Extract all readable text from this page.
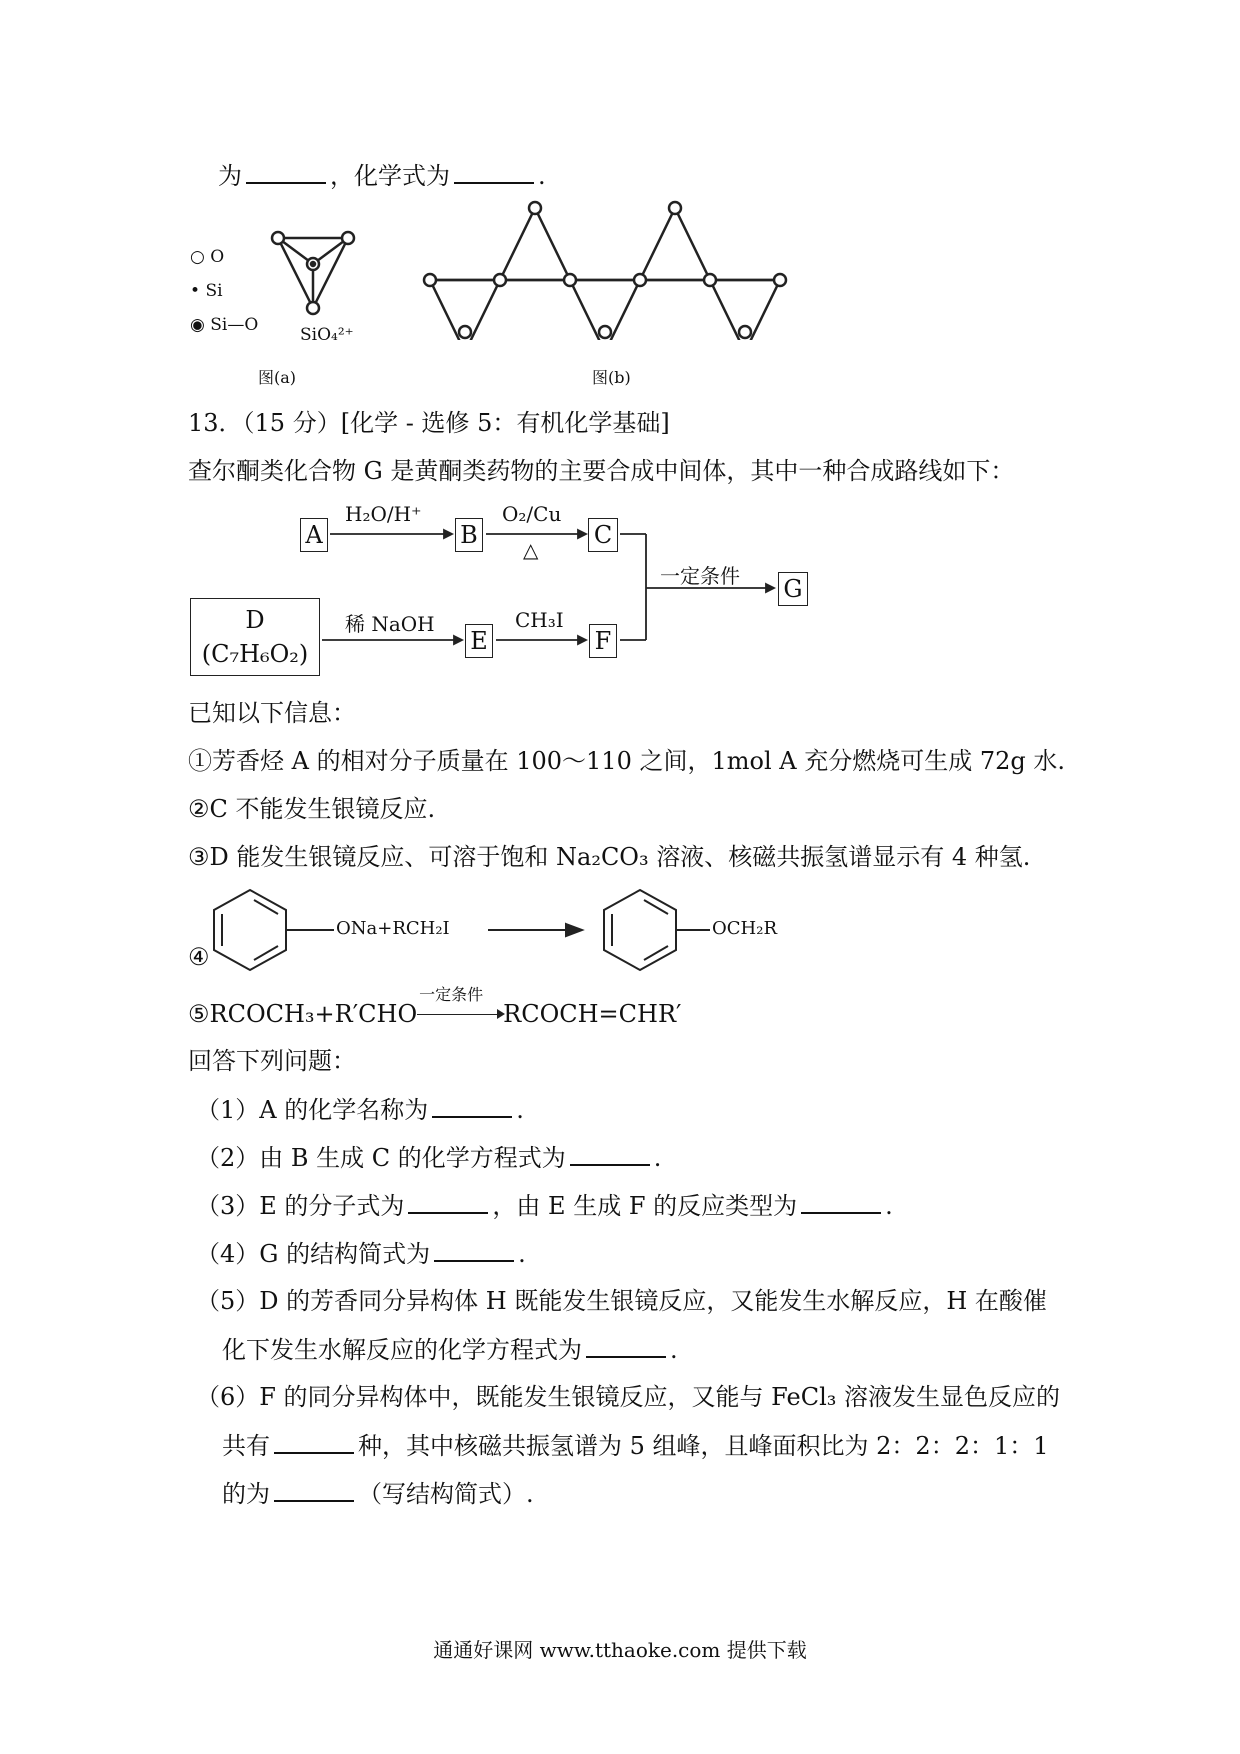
为	，化学式为	.
○ O
• Si
◉ Si—O SiO₄²⁺
图(a)	图(b)
13．（15 分）[化学 - 选修 5：有机化学基础]
查尔酮类化合物 G 是黄酮类药物的主要合成中间体，其中一种合成路线如下：
A	B	C
D
(C₇H₆O₂)	E	F
G
H₂O/H⁺	O₂/Cu
△
稀 NaOH	CH₃I
一定条件
已知以下信息：
①芳香烃 A 的相对分子质量在 100～110 之间，1mol A 充分燃烧可生成 72g 水.
②C 不能发生银镜反应.
③D 能发生银镜反应、可溶于饱和 Na₂CO₃ 溶液、核磁共振氢谱显示有 4 种氢.
④
ONa+RCH₂I	OCH₂R
⑤RCOCH₃+R′CHO
一定条件
RCOCH=CHR′
回答下列问题：
（1）A 的化学名称为	.
（2）由 B 生成 C 的化学方程式为	.
（3）E 的分子式为	，由 E 生成 F 的反应类型为	.
（4）G 的结构简式为	.
（5）D 的芳香同分异构体 H 既能发生银镜反应，又能发生水解反应，H 在酸催
化下发生水解反应的化学方程式为	.
（6）F 的同分异构体中，既能发生银镜反应，又能与 FeCl₃ 溶液发生显色反应的
共有	种，其中核磁共振氢谱为 5 组峰，且峰面积比为 2：2：2：1：1
的为	（写结构简式）.
通通好课网 www.tthaoke.com 提供下载
